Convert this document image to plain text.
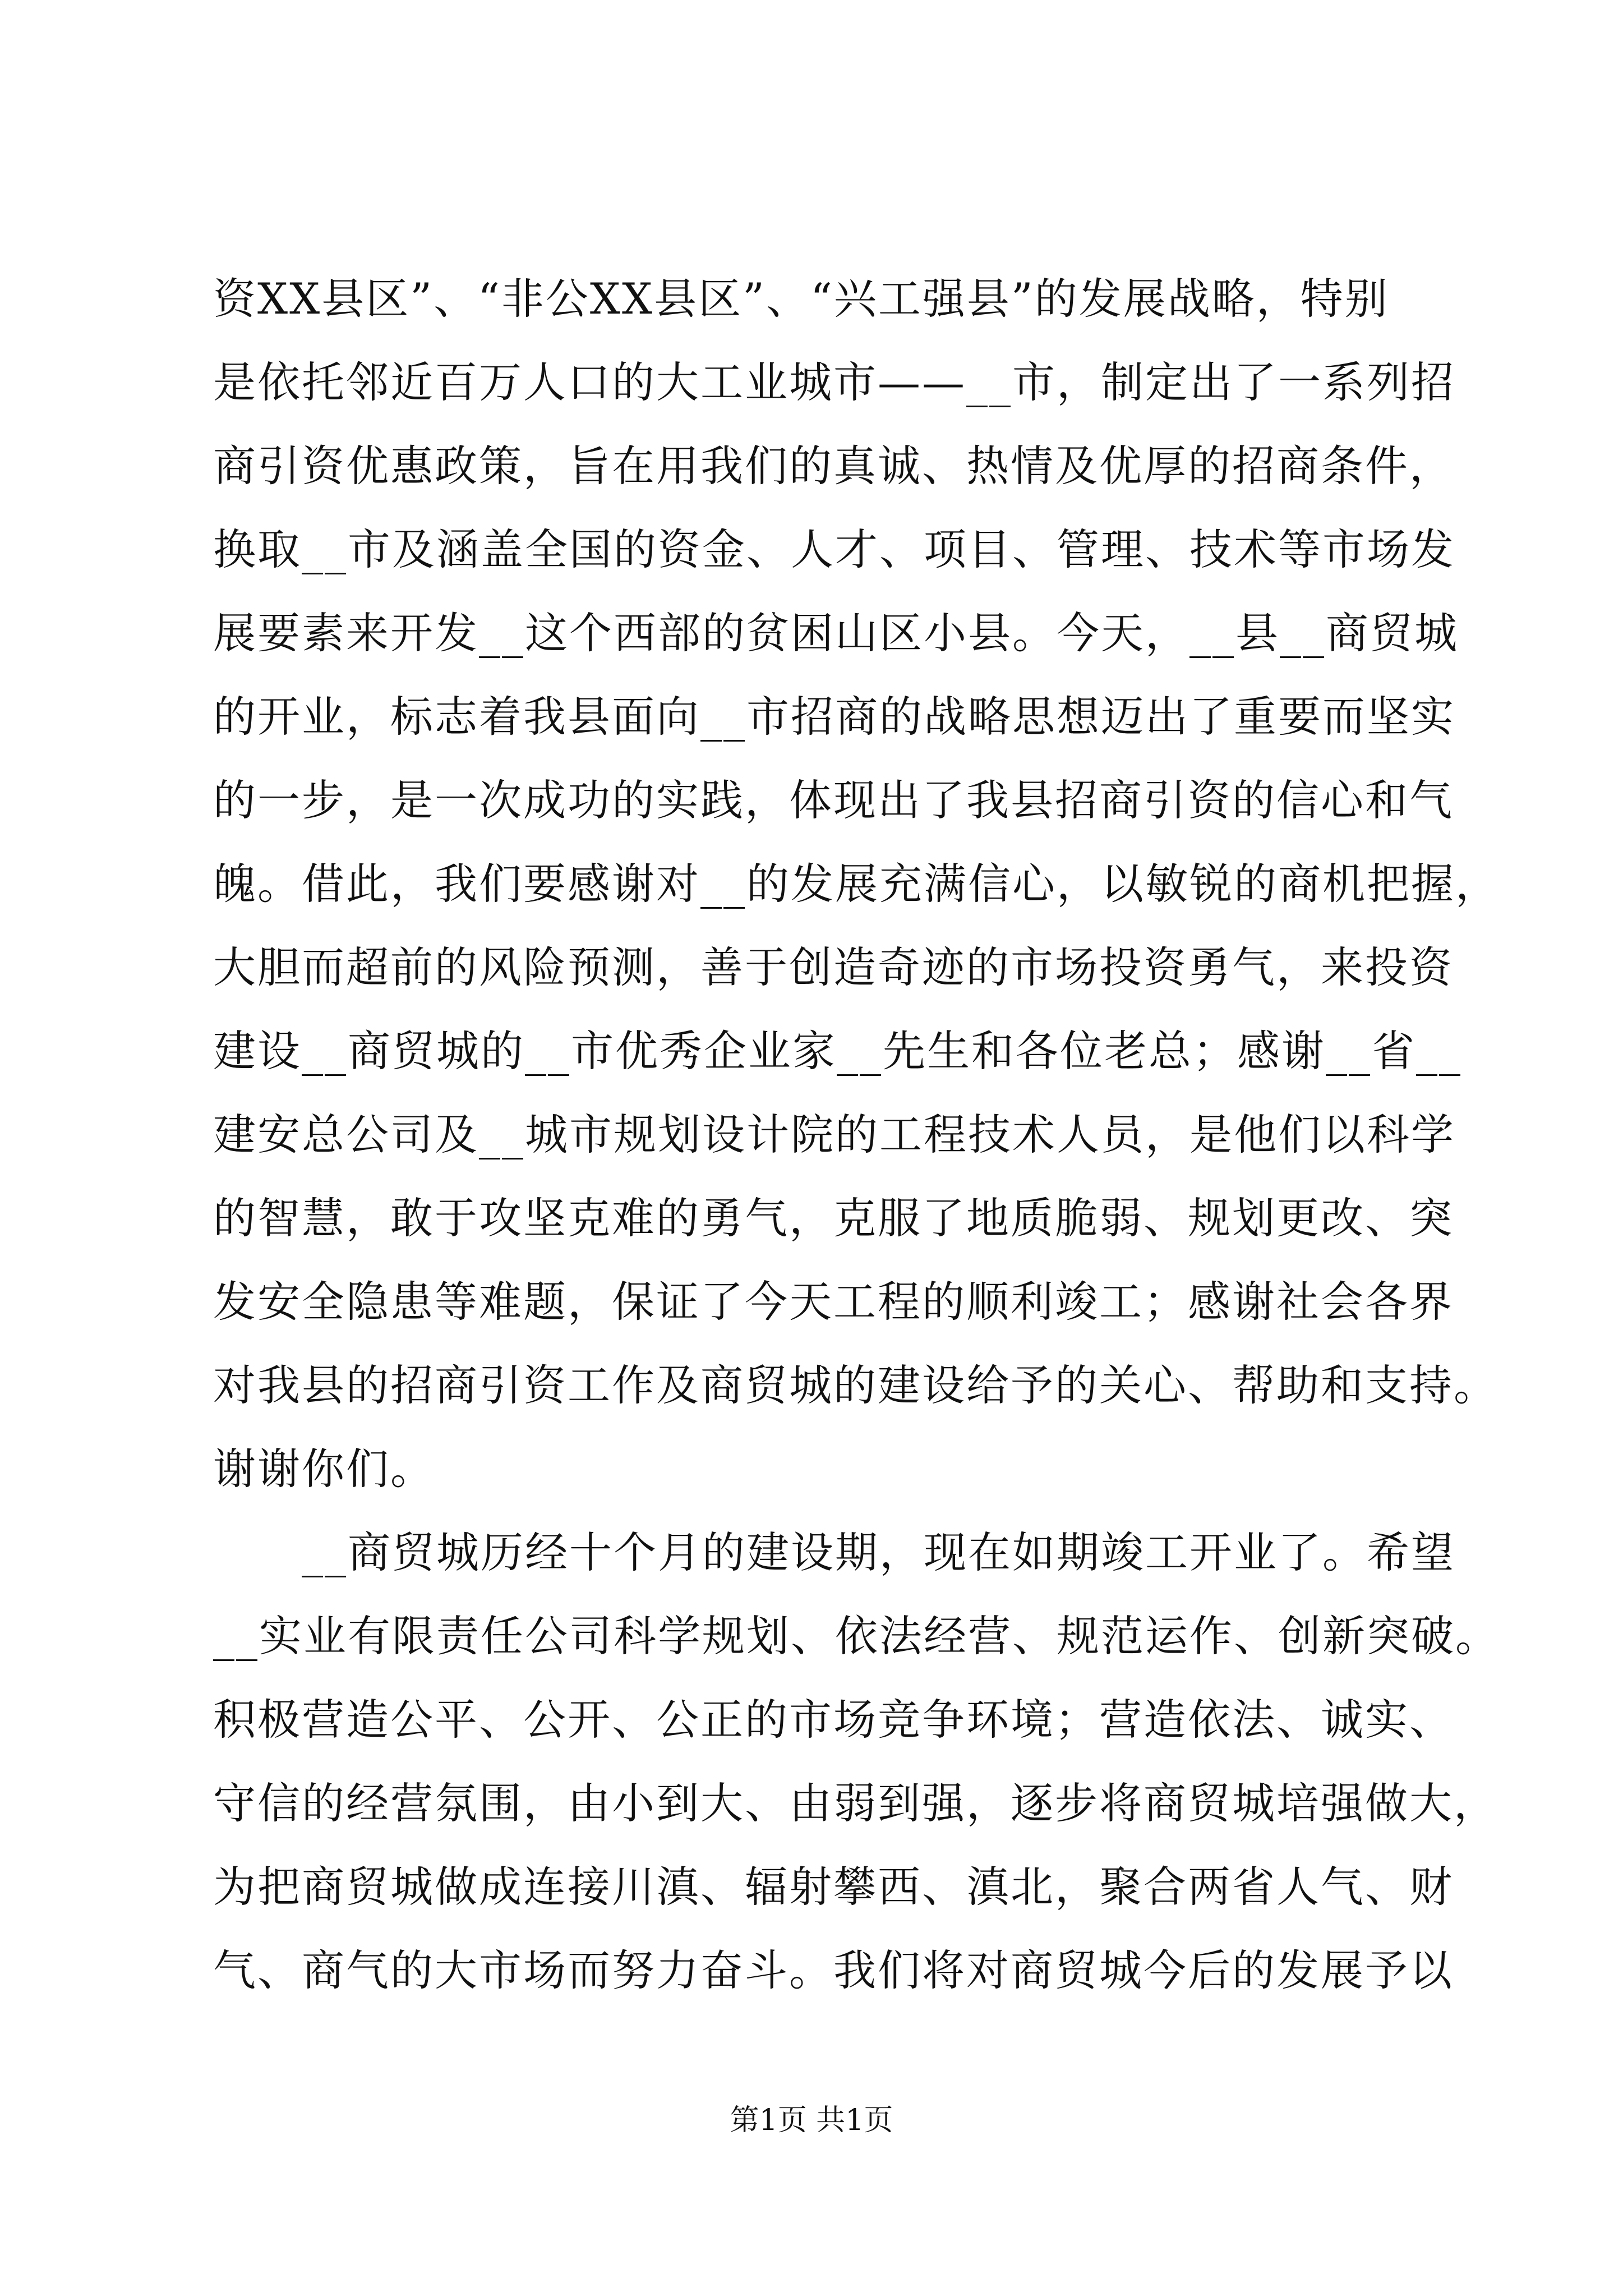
资XX县区”、“非公XX县区”、“兴工强县”的发展战略，特别
是依托邻近百万人口的大工业城市——__市，制定出了一系列招
商引资优惠政策，旨在用我们的真诚、热情及优厚的招商条件，
换取__市及涵盖全国的资金、人才、项目、管理、技术等市场发
展要素来开发__这个西部的贫困山区小县。今天，__县__商贸城
的开业，标志着我县面向__市招商的战略思想迈出了重要而坚实
的一步，是一次成功的实践，体现出了我县招商引资的信心和气
魄。借此，我们要感谢对__的发展充满信心，以敏锐的商机把握，
大胆而超前的风险预测，善于创造奇迹的市场投资勇气，来投资
建设__商贸城的__市优秀企业家__先生和各位老总；感谢__省__
建安总公司及__城市规划设计院的工程技术人员，是他们以科学
的智慧，敢于攻坚克难的勇气，克服了地质脆弱、规划更改、突
发安全隐患等难题，保证了今天工程的顺利竣工；感谢社会各界
对我县的招商引资工作及商贸城的建设给予的关心、帮助和支持。
谢谢你们。
　　__商贸城历经十个月的建设期，现在如期竣工开业了。希望
__实业有限责任公司科学规划、依法经营、规范运作、创新突破。
积极营造公平、公开、公正的市场竞争环境；营造依法、诚实、
守信的经营氛围，由小到大、由弱到强，逐步将商贸城培强做大，
为把商贸城做成连接川滇、辐射攀西、滇北，聚合两省人气、财
气、商气的大市场而努力奋斗。我们将对商贸城今后的发展予以
第1页 共1页
